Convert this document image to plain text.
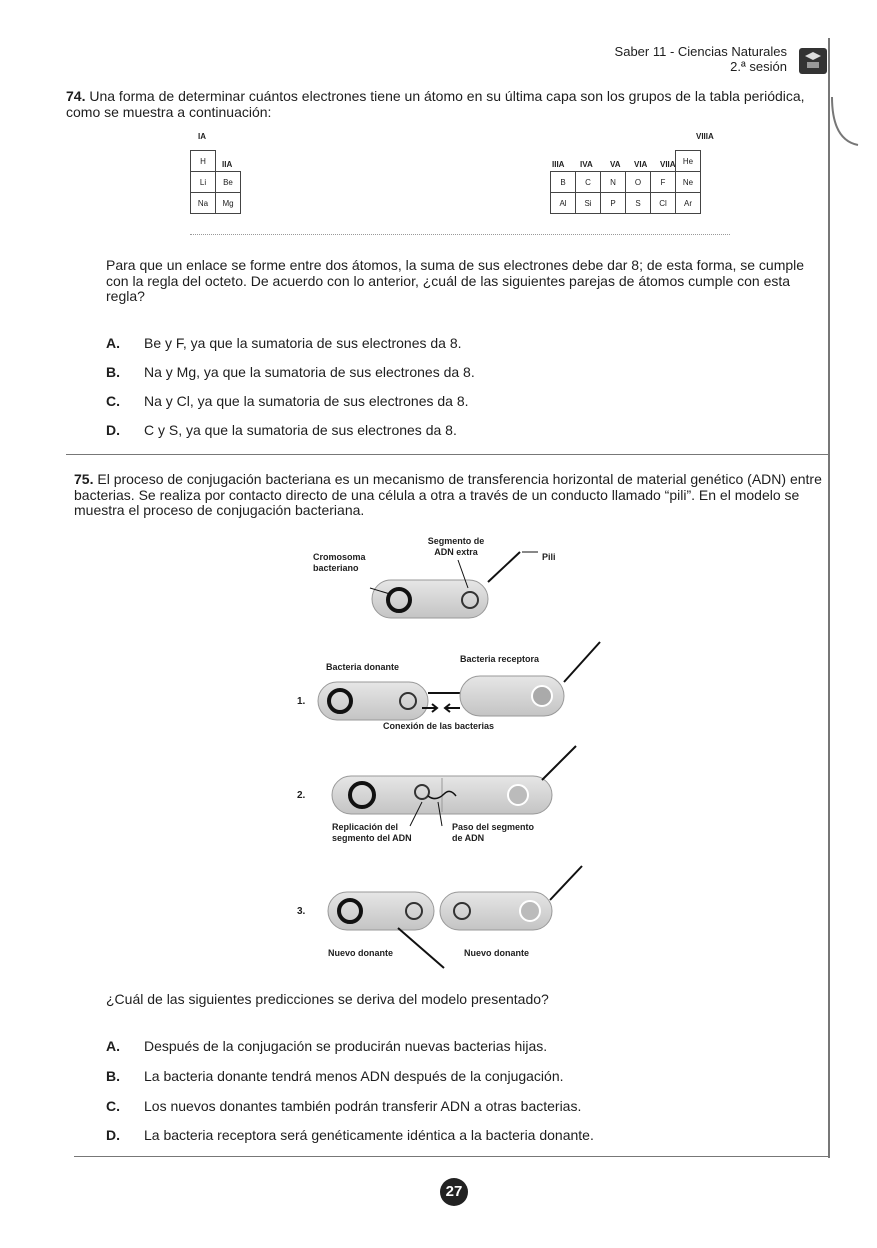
Saber 11 - Ciencias Naturales
2.ª sesión
74. Una forma de determinar cuántos electrones tiene un átomo en su última capa son los grupos de la tabla periódica, como se muestra a continuación:
IA
IIA
H	
Li	Be
Na	Mg
VIIIA
IIIA IVA VA VIA VIIA
					He
B	C	N	O	F	Ne
Al	Si	P	S	Cl	Ar
Para que un enlace se forme entre dos átomos, la suma de sus electrones debe dar 8; de esta forma, se cumple con la regla del octeto. De acuerdo con lo anterior, ¿cuál de las siguientes parejas de átomos cumple con esta regla?
A. Be y F, ya que la sumatoria de sus electrones da 8.
B. Na y Mg, ya que la sumatoria de sus electrones da 8.
C. Na y Cl, ya que la sumatoria de sus electrones da 8.
D. C y S, ya que la sumatoria de sus electrones da 8.
75. El proceso de conjugación bacteriana es un mecanismo de transferencia horizontal de material genético (ADN) entre bacterias. Se realiza por contacto directo de una célula a otra a través de un conducto llamado “pili”. En el modelo se muestra el proceso de conjugación bacteriana.
Cromosoma bacteriano
Segmento de ADN extra	Pili
Bacteria donante
Bacteria receptora
1.
Conexión de las bacterias
2.
Replicación del segmento del ADN
Paso del segmento de ADN
3.
Nuevo donante	Nuevo donante
¿Cuál de las siguientes predicciones se deriva del modelo presentado?
A. Después de la conjugación se producirán nuevas bacterias hijas.
B. La bacteria donante tendrá menos ADN después de la conjugación.
C. Los nuevos donantes también podrán transferir ADN a otras bacterias.
D. La bacteria receptora será genéticamente idéntica a la bacteria donante.
27
